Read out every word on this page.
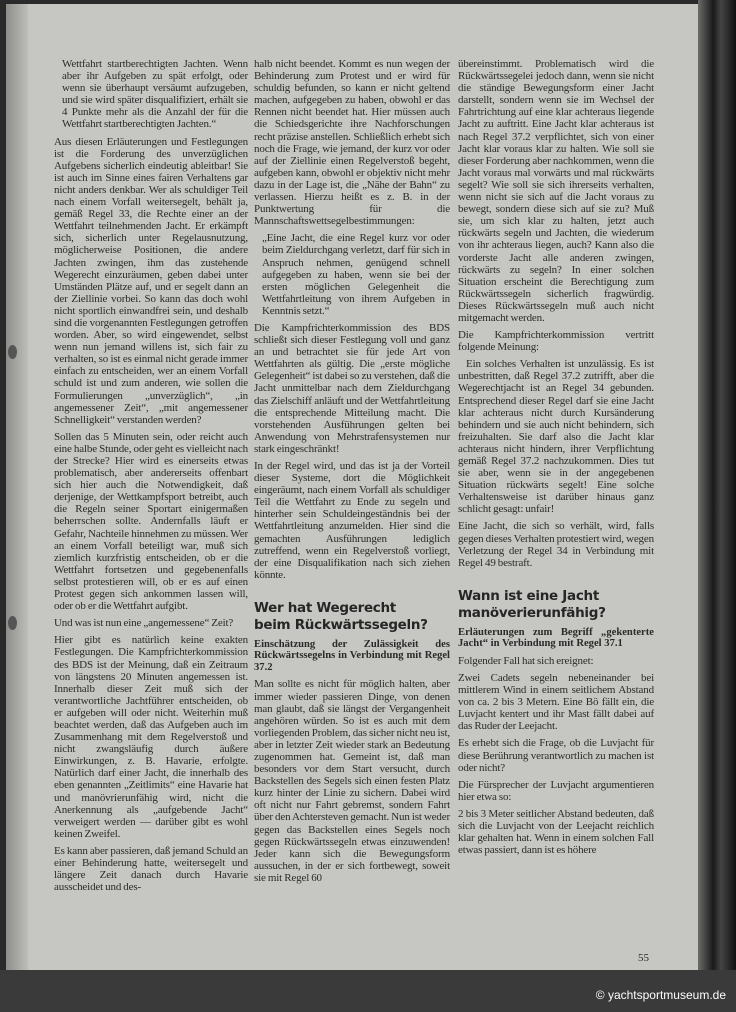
Wettfahrt startberechtigten Jachten. Wenn aber ihr Aufgeben zu spät erfolgt, oder wenn sie überhaupt versäumt aufzugeben, und sie wird später disqualifiziert, erhält sie 4 Punkte mehr als die Anzahl der für die Wettfahrt startberechtigten Jachten.“

Aus diesen Erläuterungen und Festlegungen ist die Forderung des unverzüglichen Aufgebens sicherlich eindeutig ableitbar! Sie ist auch im Sinne eines fairen Verhaltens gar nicht anders denkbar. Wer als schuldiger Teil nach einem Vorfall weitersegelt, behält ja, gemäß Regel 33, die Rechte einer an der Wettfahrt teilnehmenden Jacht. Er erkämpft sich, sicherlich unter Regelausnutzung, möglicherweise Positionen, die andere Jachten zwingen, ihm das zustehende Wegerecht einzuräumen, geben dabei unter Umständen Plätze auf, und er segelt dann an der Ziellinie vorbei. So kann das doch wohl nicht sportlich einwandfrei sein, und deshalb sind die vorgenannten Festlegungen getroffen worden. Aber, so wird eingewendet, selbst wenn nun jemand willens ist, sich fair zu verhalten, so ist es einmal nicht gerade immer einfach zu entscheiden, wer an einem Vorfall schuld ist und zum anderen, wie sollen die Formulierungen „unverzüglich“, „in angemessener Zeit“, „mit angemessener Schnelligkeit“ verstanden werden?

Sollen das 5 Minuten sein, oder reicht auch eine halbe Stunde, oder geht es vielleicht nach der Strecke? Hier wird es einerseits etwas problematisch, aber andererseits offenbart sich hier auch die Notwendigkeit, daß derjenige, der Wettkampfsport betreibt, auch die Regeln seiner Sportart einigermaßen beherrschen sollte. Andernfalls läuft er Gefahr, Nachteile hinnehmen zu müssen. Wer an einem Vorfall beteiligt war, muß sich ziemlich kurzfristig entscheiden, ob er die Wettfahrt fortsetzen und gegebenenfalls selbst protestieren will, ob er es auf einen Protest gegen sich ankommen lassen will, oder ob er die Wettfahrt aufgibt.

Und was ist nun eine „angemessene“ Zeit?

Hier gibt es natürlich keine exakten Festlegungen. Die Kampfrichterkommission des BDS ist der Meinung, daß ein Zeitraum von längstens 20 Minuten angemessen ist. Innerhalb dieser Zeit muß sich der verantwortliche Jachtführer entscheiden, ob er aufgeben will oder nicht. Weiterhin muß beachtet werden, daß das Aufgeben auch im Zusammenhang mit dem Regelverstoß und nicht zwangsläufig durch äußere Einwirkungen, z. B. Havarie, erfolgte. Natürlich darf einer Jacht, die innerhalb des eben genannten „Zeitlimits“ eine Havarie hat und manövrierunfähig wird, nicht die Anerkennung als „aufgebende Jacht“ verweigert werden — darüber gibt es wohl keinen Zweifel.

Es kann aber passieren, daß jemand Schuld an einer Behinderung hatte, weitersegelt und längere Zeit danach durch Havarie ausscheidet und des-

halb nicht beendet. Kommt es nun wegen der Behinderung zum Protest und er wird für schuldig befunden, so kann er nicht geltend machen, aufgegeben zu haben, obwohl er das Rennen nicht beendet hat. Hier müssen auch die Schiedsgerichte ihre Nachforschungen recht präzise anstellen. Schließlich erhebt sich noch die Frage, wie jemand, der kurz vor oder auf der Ziellinie einen Regelverstoß begeht, aufgeben kann, obwohl er objektiv nicht mehr dazu in der Lage ist, die „Nähe der Bahn“ zu verlassen. Hierzu heißt es z. B. in der Punktwertung für die Mannschaftswettsegelbestimmungen:

„Eine Jacht, die eine Regel kurz vor oder beim Zieldurchgang verletzt, darf für sich in Anspruch nehmen, genügend schnell aufgegeben zu haben, wenn sie bei der ersten möglichen Gelegenheit die Wettfahrtleitung von ihrem Aufgeben in Kenntnis setzt.“

Die Kampfrichterkommission des BDS schließt sich dieser Festlegung voll und ganz an und betrachtet sie für jede Art von Wettfahrten als gültig. Die „erste mögliche Gelegenheit“ ist dabei so zu verstehen, daß die Jacht unmittelbar nach dem Zieldurchgang das Zielschiff anläuft und der Wettfahrtleitung die entsprechende Mitteilung macht. Die vorstehenden Ausführungen gelten bei Anwendung von Mehrstrafensystemen nur stark eingeschränkt!

In der Regel wird, und das ist ja der Vorteil dieser Systeme, dort die Möglichkeit eingeräumt, nach einem Vorfall als schuldiger Teil die Wettfahrt zu Ende zu segeln und hinterher sein Schuldeingeständnis bei der Wettfahrtleitung anzumelden. Hier sind die gemachten Ausführungen lediglich zutreffend, wenn ein Regelverstoß vorliegt, der eine Disqualifikation nach sich ziehen könnte.

Wer hat Wegerecht
beim Rückwärtssegeln?
Einschätzung der Zulässigkeit des Rückwärtssegelns in Verbindung mit Regel 37.2

Man sollte es nicht für möglich halten, aber immer wieder passieren Dinge, von denen man glaubt, daß sie längst der Vergangenheit angehören würden. So ist es auch mit dem vorliegenden Problem, das sicher nicht neu ist, aber in letzter Zeit wieder stark an Bedeutung zugenommen hat. Gemeint ist, daß man besonders vor dem Start versucht, durch Backstellen des Segels sich einen festen Platz kurz hinter der Linie zu sichern. Dabei wird oft nicht nur Fahrt gebremst, sondern Fahrt über den Achtersteven gemacht. Nun ist weder gegen das Backstellen eines Segels noch gegen Rückwärtssegeln etwas einzuwenden! Jeder kann sich die Bewegungsform aussuchen, in der er sich fortbewegt, soweit sie mit Regel 60

übereinstimmt. Problematisch wird die Rückwärtssegelei jedoch dann, wenn sie nicht die ständige Bewegungsform einer Jacht darstellt, sondern wenn sie im Wechsel der Fahrtrichtung auf eine klar achteraus liegende Jacht zu auftritt. Eine Jacht klar achteraus ist nach Regel 37.2 verpflichtet, sich von einer Jacht klar voraus klar zu halten. Wie soll sie dieser Forderung aber nachkommen, wenn die Jacht voraus mal vorwärts und mal rückwärts segelt? Wie soll sie sich ihrerseits verhalten, wenn nicht sie sich auf die Jacht voraus zu bewegt, sondern diese sich auf sie zu? Muß sie, um sich klar zu halten, jetzt auch rückwärts segeln und Jachten, die wiederum von ihr achteraus liegen, auch? Kann also die vorderste Jacht alle anderen zwingen, rückwärts zu segeln? In einer solchen Situation erscheint die Berechtigung zum Rückwärtssegeln sicherlich fragwürdig. Dieses Rückwärtssegeln muß auch nicht mitgemacht werden.

Die Kampfrichterkommission vertritt folgende Meinung:

Ein solches Verhalten ist unzulässig. Es ist unbestritten, daß Regel 37.2 zutrifft, aber die Wegerechtjacht ist an Regel 34 gebunden. Entsprechend dieser Regel darf sie eine Jacht klar achteraus nicht durch Kursänderung behindern und sie auch nicht behindern, sich freizuhalten. Sie darf also die Jacht klar achteraus nicht hindern, ihrer Verpflichtung gemäß Regel 37.2 nachzukommen. Dies tut sie aber, wenn sie in der angegebenen Situation rückwärts segelt! Eine solche Verhaltensweise ist darüber hinaus ganz schlicht gesagt: unfair!

Eine Jacht, die sich so verhält, wird, falls gegen dieses Verhalten protestiert wird, wegen Verletzung der Regel 34 in Verbindung mit Regel 49 bestraft.

Wann ist eine Jacht
manöverierunfähig?
Erläuterungen zum Begriff „gekenterte Jacht“ in Verbindung mit Regel 37.1

Folgender Fall hat sich ereignet:

Zwei Cadets segeln nebeneinander bei mittlerem Wind in einem seitlichem Abstand von ca. 2 bis 3 Metern. Eine Bö fällt ein, die Luvjacht kentert und ihr Mast fällt dabei auf das Ruder der Leejacht.

Es erhebt sich die Frage, ob die Luvjacht für diese Berührung verantwortlich zu machen ist oder nicht?

Die Fürsprecher der Luvjacht argumentieren hier etwa so:

2 bis 3 Meter seitlicher Abstand bedeuten, daß sich die Luvjacht von der Leejacht reichlich klar gehalten hat. Wenn in einem solchen Fall etwas passiert, dann ist es höhere

55
© yachtsportmuseum.de
